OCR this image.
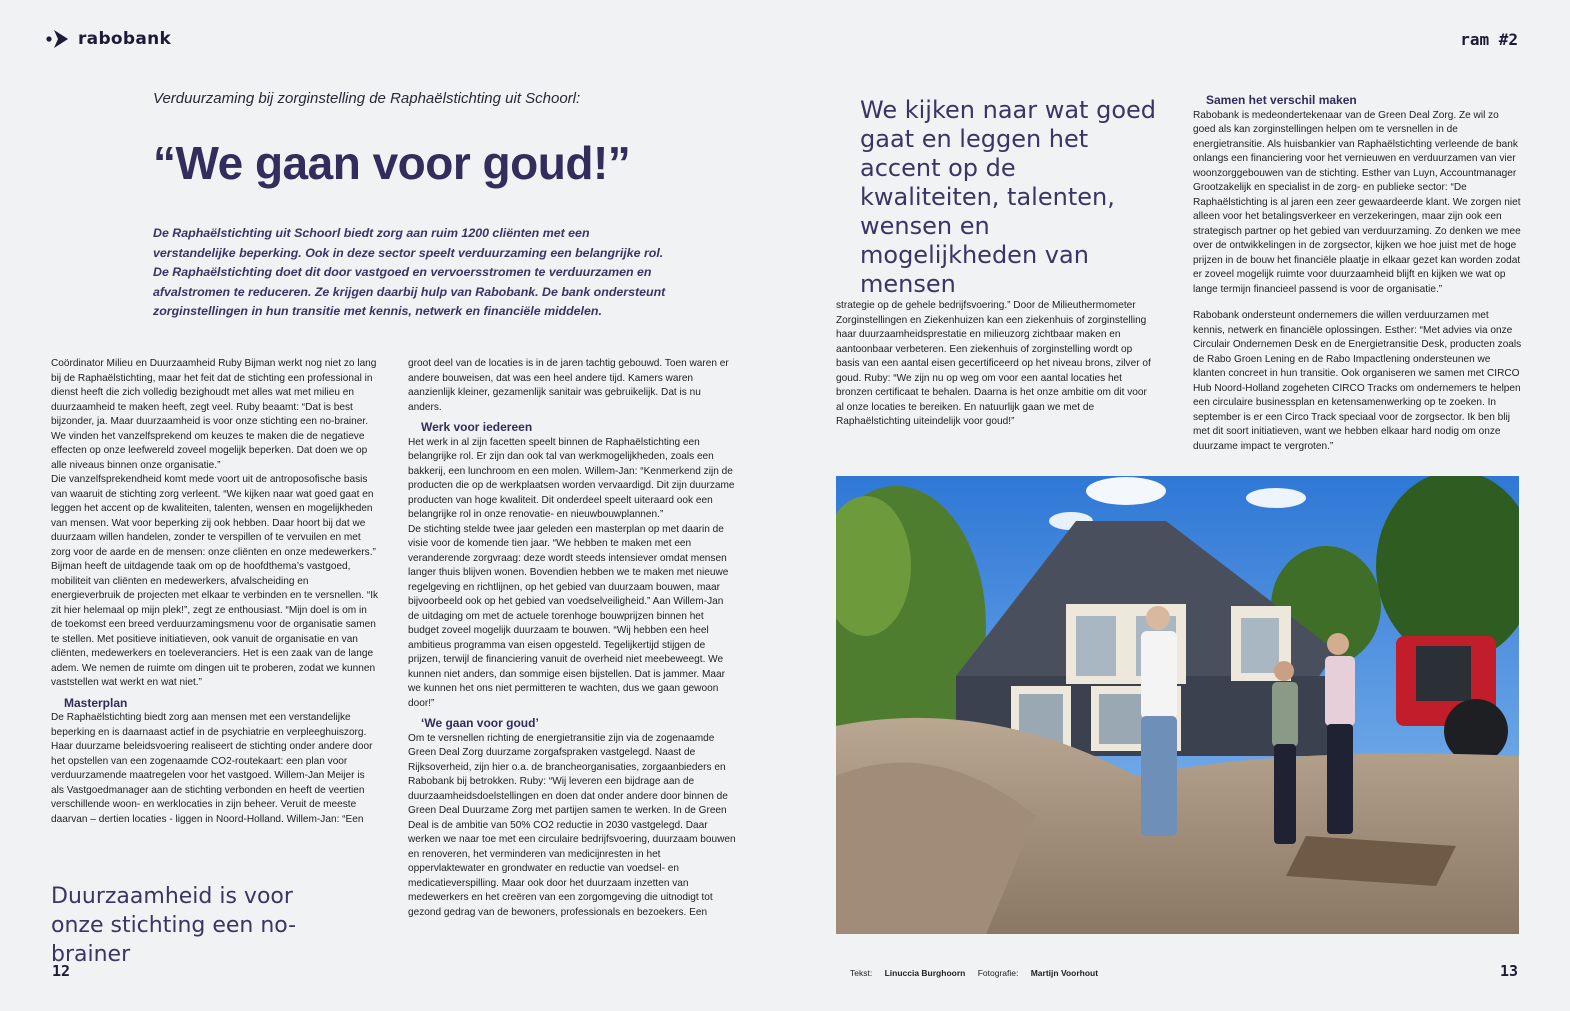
rabobank	ram #2
Verduurzaming bij zorginstelling de Raphaëlstichting uit Schoorl:
“We gaan voor goud!”
De Raphaëlstichting uit Schoorl biedt zorg aan ruim 1200 cliënten met een verstandelijke beperking. Ook in deze sector speelt verduurzaming een belangrijke rol. De Raphaëlstichting doet dit door vastgoed en vervoersstromen te verduurzamen en afvalstromen te reduceren. Ze krijgen daarbij hulp van Rabobank. De bank ondersteunt zorginstellingen in hun transitie met kennis, netwerk en financiële middelen.

Coördinator Milieu en Duurzaamheid Ruby Bijman werkt nog niet zo lang bij de Raphaëlstichting, maar het feit dat de stichting een professional in dienst heeft die zich volledig bezighoudt met alles wat met milieu en duurzaamheid te maken heeft, zegt veel. Ruby beaamt: “Dat is best bijzonder, ja. Maar duurzaamheid is voor onze stichting een no-brainer. We vinden het vanzelfsprekend om keuzes te maken die de negatieve effecten op onze leefwereld zoveel mogelijk beperken. Dat doen we op alle niveaus binnen onze organisatie.”

Die vanzelfsprekendheid komt mede voort uit de antroposofische basis van waaruit de stichting zorg verleent. “We kijken naar wat goed gaat en leggen het accent op de kwaliteiten, talenten, wensen en mogelijkheden van mensen. Wat voor beperking zij ook hebben. Daar hoort bij dat we duurzaam willen handelen, zonder te verspillen of te vervuilen en met zorg voor de aarde en de mensen: onze cliënten en onze medewerkers.” Bijman heeft de uitdagende taak om op de hoofdthema’s vastgoed, mobiliteit van cliënten en medewerkers, afvalscheiding en energieverbruik de projecten met elkaar te verbinden en te versnellen. “Ik zit hier helemaal op mijn plek!”, zegt ze enthousiast. “Mijn doel is om in de toekomst een breed verduurzamingsmenu voor de organisatie samen te stellen. Met positieve initiatieven, ook vanuit de organisatie en van cliënten, medewerkers en toeleveranciers. Het is een zaak van de lange adem. We nemen de ruimte om dingen uit te proberen, zodat we kunnen vaststellen wat werkt en wat niet.”

Masterplan

De Raphaëlstichting biedt zorg aan mensen met een verstandelijke beperking en is daarnaast actief in de psychiatrie en verpleeghuiszorg. Haar duurzame beleidsvoering realiseert de stichting onder andere door het opstellen van een zogenaamde CO2-routekaart: een plan voor verduurzamende maatregelen voor het vastgoed. Willem-Jan Meijer is als Vastgoedmanager aan de stichting verbonden en heeft de veertien verschillende woon- en werklocaties in zijn beheer. Veruit de meeste daarvan – dertien locaties - liggen in Noord-Holland. Willem-Jan: “Een

groot deel van de locaties is in de jaren tachtig gebouwd. Toen waren er andere bouweisen, dat was een heel andere tijd. Kamers waren aanzienlijk kleiner, gezamenlijk sanitair was gebruikelijk. Dat is nu anders.

Werk voor iedereen

Het werk in al zijn facetten speelt binnen de Raphaëlstichting een belangrijke rol. Er zijn dan ook tal van werkmogelijkheden, zoals een bakkerij, een lunchroom en een molen. Willem-Jan: “Kenmerkend zijn de producten die op de werkplaatsen worden vervaardigd. Dit zijn duurzame producten van hoge kwaliteit. Dit onderdeel speelt uiteraard ook een belangrijke rol in onze renovatie- en nieuwbouwplannen.”

De stichting stelde twee jaar geleden een masterplan op met daarin de visie voor de komende tien jaar. “We hebben te maken met een veranderende zorgvraag: deze wordt steeds intensiever omdat mensen langer thuis blijven wonen. Bovendien hebben we te maken met nieuwe regelgeving en richtlijnen, op het gebied van duurzaam bouwen, maar bijvoorbeeld ook op het gebied van voedselveiligheid.” Aan Willem-Jan de uitdaging om met de actuele torenhoge bouwprijzen binnen het budget zoveel mogelijk duurzaam te bouwen. “Wij hebben een heel ambitieus programma van eisen opgesteld. Tegelijkertijd stijgen de prijzen, terwijl de financiering vanuit de overheid niet meebeweegt. We kunnen niet anders, dan sommige eisen bijstellen. Dat is jammer. Maar we kunnen het ons niet permitteren te wachten, dus we gaan gewoon door!”

‘We gaan voor goud’

Om te versnellen richting de energietransitie zijn via de zogenaamde Green Deal Zorg duurzame zorgafspraken vastgelegd. Naast de Rijksoverheid, zijn hier o.a. de brancheorganisaties, zorgaanbieders en Rabobank bij betrokken. Ruby: “Wij leveren een bijdrage aan de duurzaamheidsdoelstellingen en doen dat onder andere door binnen de Green Deal Duurzame Zorg met partijen samen te werken. In de Green Deal is de ambitie van 50% CO2 reductie in 2030 vastgelegd. Daar werken we naar toe met een circulaire bedrijfsvoering, duurzaam bouwen en renoveren, het verminderen van medicijnresten in het oppervlaktewater en grondwater en reductie van voedsel- en medicatieverspilling. Maar ook door het duurzaam inzetten van medewerkers en het creëren van een zorgomgeving die uitnodigt tot gezond gedrag van de bewoners, professionals en bezoekers. Een

We kijken naar wat goed gaat en leggen het accent op de kwaliteiten, talenten, wensen en mogelijkheden van mensen
Duurzaamheid is voor onze stichting een no-brainer

strategie op de gehele bedrijfsvoering.” Door de Milieuthermometer Zorginstellingen en Ziekenhuizen kan een ziekenhuis of zorginstelling haar duurzaamheidsprestatie en milieuzorg zichtbaar maken en aantoonbaar verbeteren. Een ziekenhuis of zorginstelling wordt op basis van een aantal eisen gecertificeerd op het niveau brons, zilver of goud. Ruby: “We zijn nu op weg om voor een aantal locaties het bronzen certificaat te behalen. Daarna is het onze ambitie om dit voor al onze locaties te bereiken. En natuurlijk gaan we met de Raphaëlstichting uiteindelijk voor goud!”

Samen het verschil maken

Rabobank is medeondertekenaar van de Green Deal Zorg. Ze wil zo goed als kan zorginstellingen helpen om te versnellen in de energietransitie. Als huisbankier van Raphaëlstichting verleende de bank onlangs een financiering voor het vernieuwen en verduurzamen van vier woonzorggebouwen van de stichting. Esther van Luyn, Accountmanager Grootzakelijk en specialist in de zorg- en publieke sector: “De Raphaëlstichting is al jaren een zeer gewaardeerde klant. We zorgen niet alleen voor het betalingsverkeer en verzekeringen, maar zijn ook een strategisch partner op het gebied van verduurzaming. Zo denken we mee over de ontwikkelingen in de zorgsector, kijken we hoe juist met de hoge prijzen in de bouw het financiële plaatje in elkaar gezet kan worden zodat er zoveel mogelijk ruimte voor duurzaamheid blijft en kijken we wat op lange termijn financieel passend is voor de organisatie.”

Rabobank ondersteunt ondernemers die willen verduurzamen met kennis, netwerk en financiële oplossingen. Esther: “Met advies via onze Circulair Ondernemen Desk en de Energietransitie Desk, producten zoals de Rabo Groen Lening en de Rabo Impactlening ondersteunen we klanten concreet in hun transitie. Ook organiseren we samen met CIRCO Hub Noord-Holland zogeheten CIRCO Tracks om ondernemers te helpen een circulaire businessplan en ketensamenwerking op te zoeken. In september is er een Circo Track speciaal voor de zorgsector. Ik ben blij met dit soort initiatieven, want we hebben elkaar hard nodig om onze duurzame impact te vergroten.”

Tekst: Linuccia Burghoorn Fotografie: Martijn Voorhout
12	13
